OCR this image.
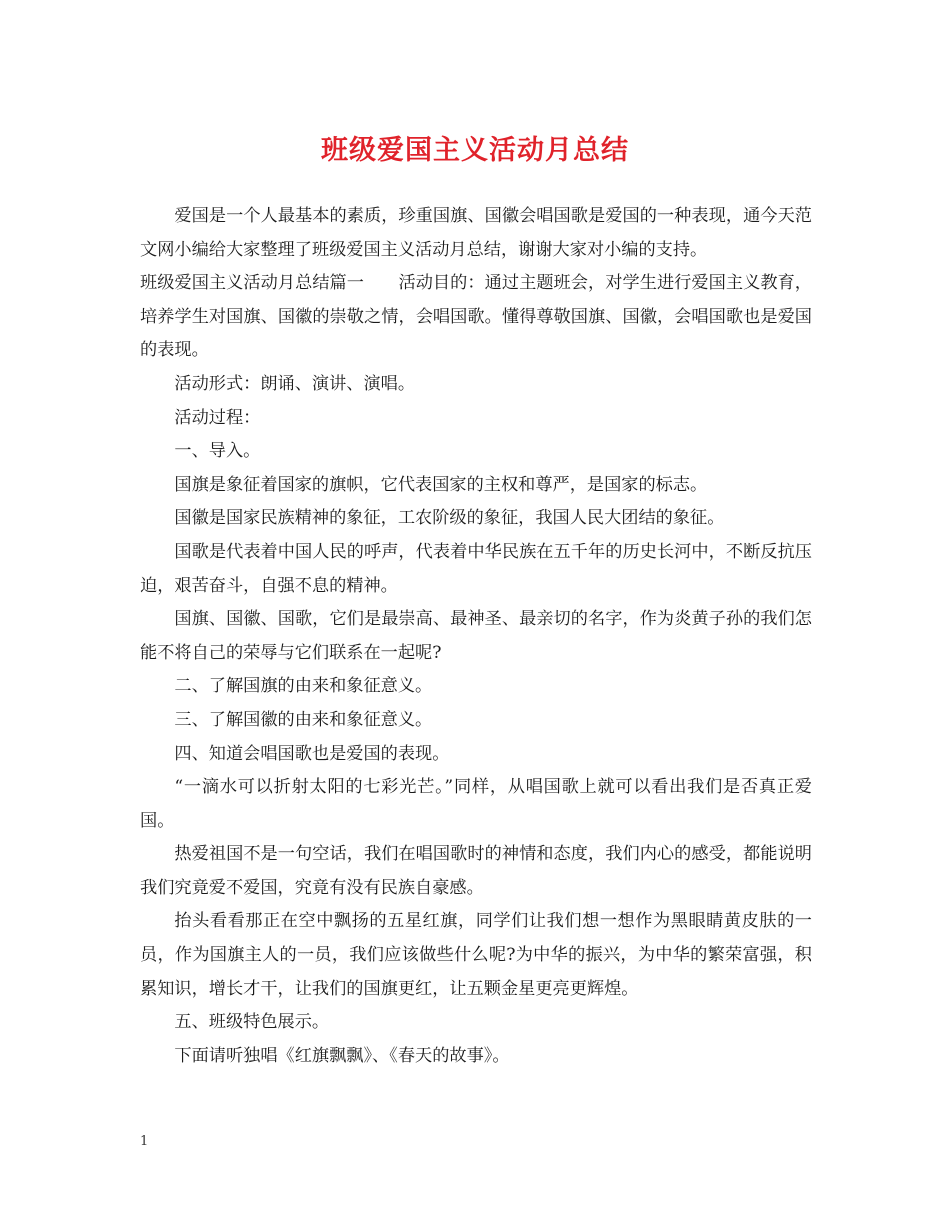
班级爱国主义活动月总结

爱国是一个人最基本的素质，珍重国旗、国徽会唱国歌是爱国的一种表现，通今天范文网小编给大家整理了班级爱国主义活动月总结，谢谢大家对小编的支持。

班级爱国主义活动月总结篇一　　活动目的：通过主题班会，对学生进行爱国主义教育，培养学生对国旗、国徽的崇敬之情，会唱国歌。懂得尊敬国旗、国徽，会唱国歌也是爱国的表现。

活动形式：朗诵、演讲、演唱。

活动过程：

一、导入。

国旗是象征着国家的旗帜，它代表国家的主权和尊严，是国家的标志。

国徽是国家民族精神的象征，工农阶级的象征，我国人民大团结的象征。

国歌是代表着中国人民的呼声，代表着中华民族在五千年的历史长河中，不断反抗压迫，艰苦奋斗，自强不息的精神。

国旗、国徽、国歌，它们是最崇高、最神圣、最亲切的名字，作为炎黄子孙的我们怎能不将自己的荣辱与它们联系在一起呢?

二、了解国旗的由来和象征意义。

三、了解国徽的由来和象征意义。

四、知道会唱国歌也是爱国的表现。

“一滴水可以折射太阳的七彩光芒。”同样，从唱国歌上就可以看出我们是否真正爱国。

热爱祖国不是一句空话，我们在唱国歌时的神情和态度，我们内心的感受，都能说明我们究竟爱不爱国，究竟有没有民族自豪感。

抬头看看那正在空中飘扬的五星红旗，同学们让我们想一想作为黑眼睛黄皮肤的一员，作为国旗主人的一员，我们应该做些什么呢?为中华的振兴，为中华的繁荣富强，积累知识，增长才干，让我们的国旗更红，让五颗金星更亮更辉煌。

五、班级特色展示。

下面请听独唱《红旗飘飘》、《春天的故事》。

1
